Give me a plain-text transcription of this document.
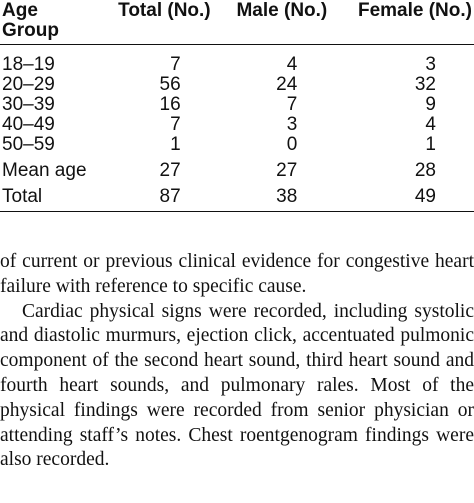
Age Group	Total (No.)	Male (No.)	Female (No.)

18–19	7	4	3
20–29	56	24	32
30–39	16	7	9
40–49	7	3	4
50–59	1	0	1

Mean age	27	27	28

Total	87	38	49

of current or previous clinical evidence for congestive heart failure with reference to specific cause.

Cardiac physical signs were recorded, including systolic and diastolic murmurs, ejection click, accentuated pulmonic component of the second heart sound, third heart sound and fourth heart sounds, and pulmonary rales. Most of the physical findings were recorded from senior physician or attending staff’s notes. Chest roentgenogram findings were also recorded.
